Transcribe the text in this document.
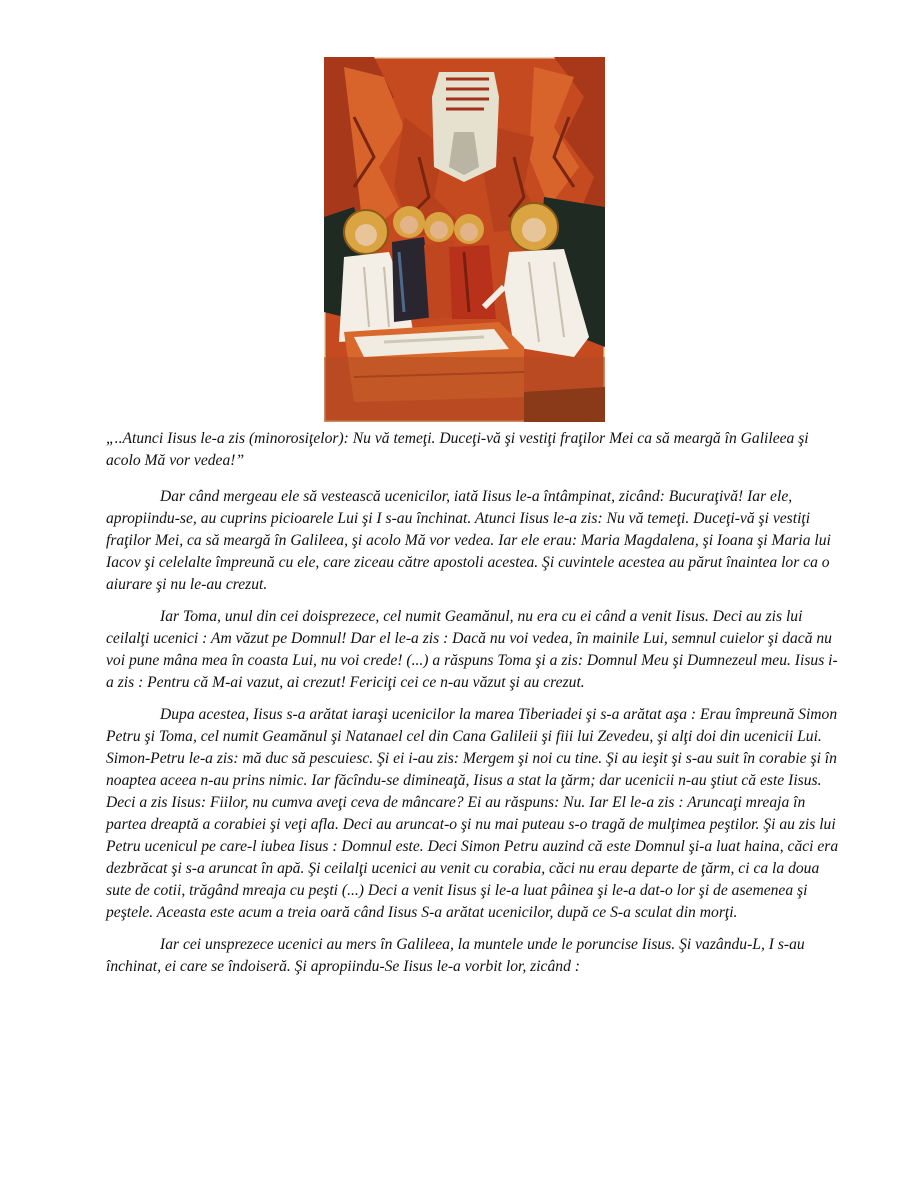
„..Atunci Iisus le-a zis (minorosiţelor): Nu vă temeţi. Duceţi-vă şi vestiţi fraţilor Mei ca să meargă în Galileea şi acolo Mă vor vedea!”

Dar când mergeau ele să vestească ucenicilor, iată Iisus le-a întâmpinat, zicând: Bucuraţivă! Iar ele, apropiindu-se, au cuprins picioarele Lui şi I s-au închinat. Atunci Iisus le-a zis: Nu vă temeţi. Duceţi-vă şi vestiţi fraţilor Mei, ca să meargă în Galileea, şi acolo Mă vor vedea. Iar ele erau: Maria Magdalena, şi Ioana şi Maria lui Iacov şi celelalte împreună cu ele, care ziceau către apostoli acestea. Şi cuvintele acestea au părut înaintea lor ca o aiurare şi nu le-au crezut.

Iar Toma, unul din cei doisprezece, cel numit Geamănul, nu era cu ei când a venit Iisus. Deci au zis lui ceilalţi ucenici : Am văzut pe Domnul! Dar el le-a zis : Dacă nu voi vedea, în mainile Lui, semnul cuielor şi dacă nu voi pune mâna mea în coasta Lui, nu voi crede! (...) a răspuns Toma şi a zis: Domnul Meu şi Dumnezeul meu. Iisus i-a zis : Pentru că M-ai vazut, ai crezut! Fericiţi cei ce n-au văzut şi au crezut.

Dupa acestea, Iisus s-a arătat iaraşi ucenicilor la marea Tiberiadei şi s-a arătat aşa : Erau împreună Simon Petru şi Toma, cel numit Geamănul şi Natanael cel din Cana Galileii şi fiii lui Zevedeu, şi alţi doi din ucenicii Lui. Simon-Petru le-a zis: mă duc să pescuiesc. Şi ei i-au zis: Mergem şi noi cu tine. Şi au ieşit şi s-au suit în corabie şi în noaptea aceea n-au prins nimic. Iar făcîndu-se dimineaţă, Iisus a stat la ţărm; dar ucenicii n-au ştiut că este Iisus. Deci a zis Iisus: Fiilor, nu cumva aveţi ceva de mâncare? Ei au răspuns: Nu. Iar El le-a zis : Aruncaţi mreaja în partea dreaptă a corabiei şi veţi afla. Deci au aruncat-o şi nu mai puteau s-o tragă de mulţimea peştilor. Şi au zis lui Petru ucenicul pe care-l iubea Iisus : Domnul este. Deci Simon Petru auzind că este Domnul şi-a luat haina, căci era dezbrăcat şi s-a aruncat în apă. Şi ceilalţi ucenici au venit cu corabia, căci nu erau departe de ţărm, ci ca la doua sute de cotii, trăgând mreaja cu peşti (...) Deci a venit Iisus şi le-a luat pâinea şi le-a dat-o lor şi de asemenea şi peştele. Aceasta este acum a treia oară când Iisus S-a arătat ucenicilor, după ce S-a sculat din morţi.

Iar cei unsprezece ucenici au mers în Galileea, la muntele unde le poruncise Iisus. Şi vazându-L, I s-au închinat, ei care se îndoiseră. Şi apropiindu-Se Iisus le-a vorbit lor, zicând :
